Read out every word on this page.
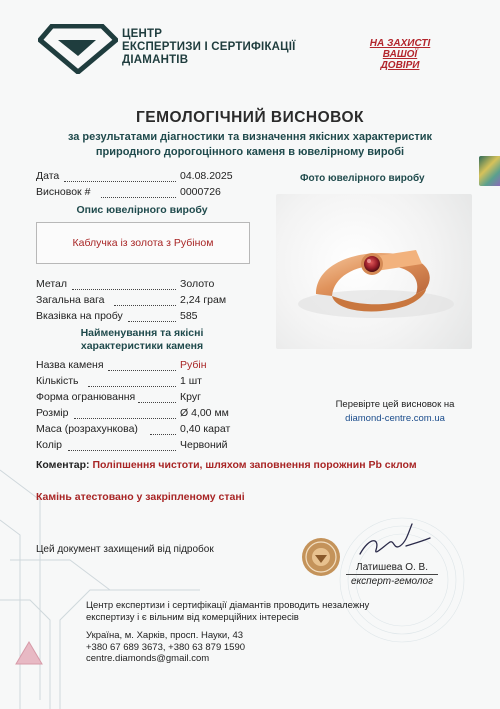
ЦЕНТР
ЕКСПЕРТИЗИ І СЕРТИФІКАЦІЇ
ДІАМАНТІВ
НА ЗАХИСТІ
ВАШОЇ
ДОВІРИ
ГЕМОЛОГІЧНИЙ ВИСНОВОК
за результатами діагностики та визначення якісних характеристик
природного дорогоцінного каменя в ювелірному виробі
Дата	04.08.2025
Висновок #	0000726
Опис ювелірного виробу
Каблучка із золота з Рубіном
Метал	Золото
Загальна вага	2,24 грам
Вказівка на пробу	585
Найменування та якісні
характеристики каменя
Назва каменя	Рубін
Кількість	1 шт
Форма огранювання	Круг
Розмір	Ø 4,00 мм
Маса (розрахункова)	0,40 карат
Колір	Червоний
Фото ювелірного виробу
Перевірте цей висновок на
diamond-centre.com.ua
Коментар: Поліпшення чистоти, шляхом заповнення порожнин Pb склом
Камінь атестовано у закріпленому стані
Цей документ захищений від підробок
Латишева О. В.
експерт-гемолог
Центр експертизи і сертифікації діамантів проводить незалежну експертизу і є вільним від комерційних інтересів
Україна, м. Харків, просп. Науки, 43
+380 67 689 3673, +380 63 879 1590
centre.diamonds@gmail.com
